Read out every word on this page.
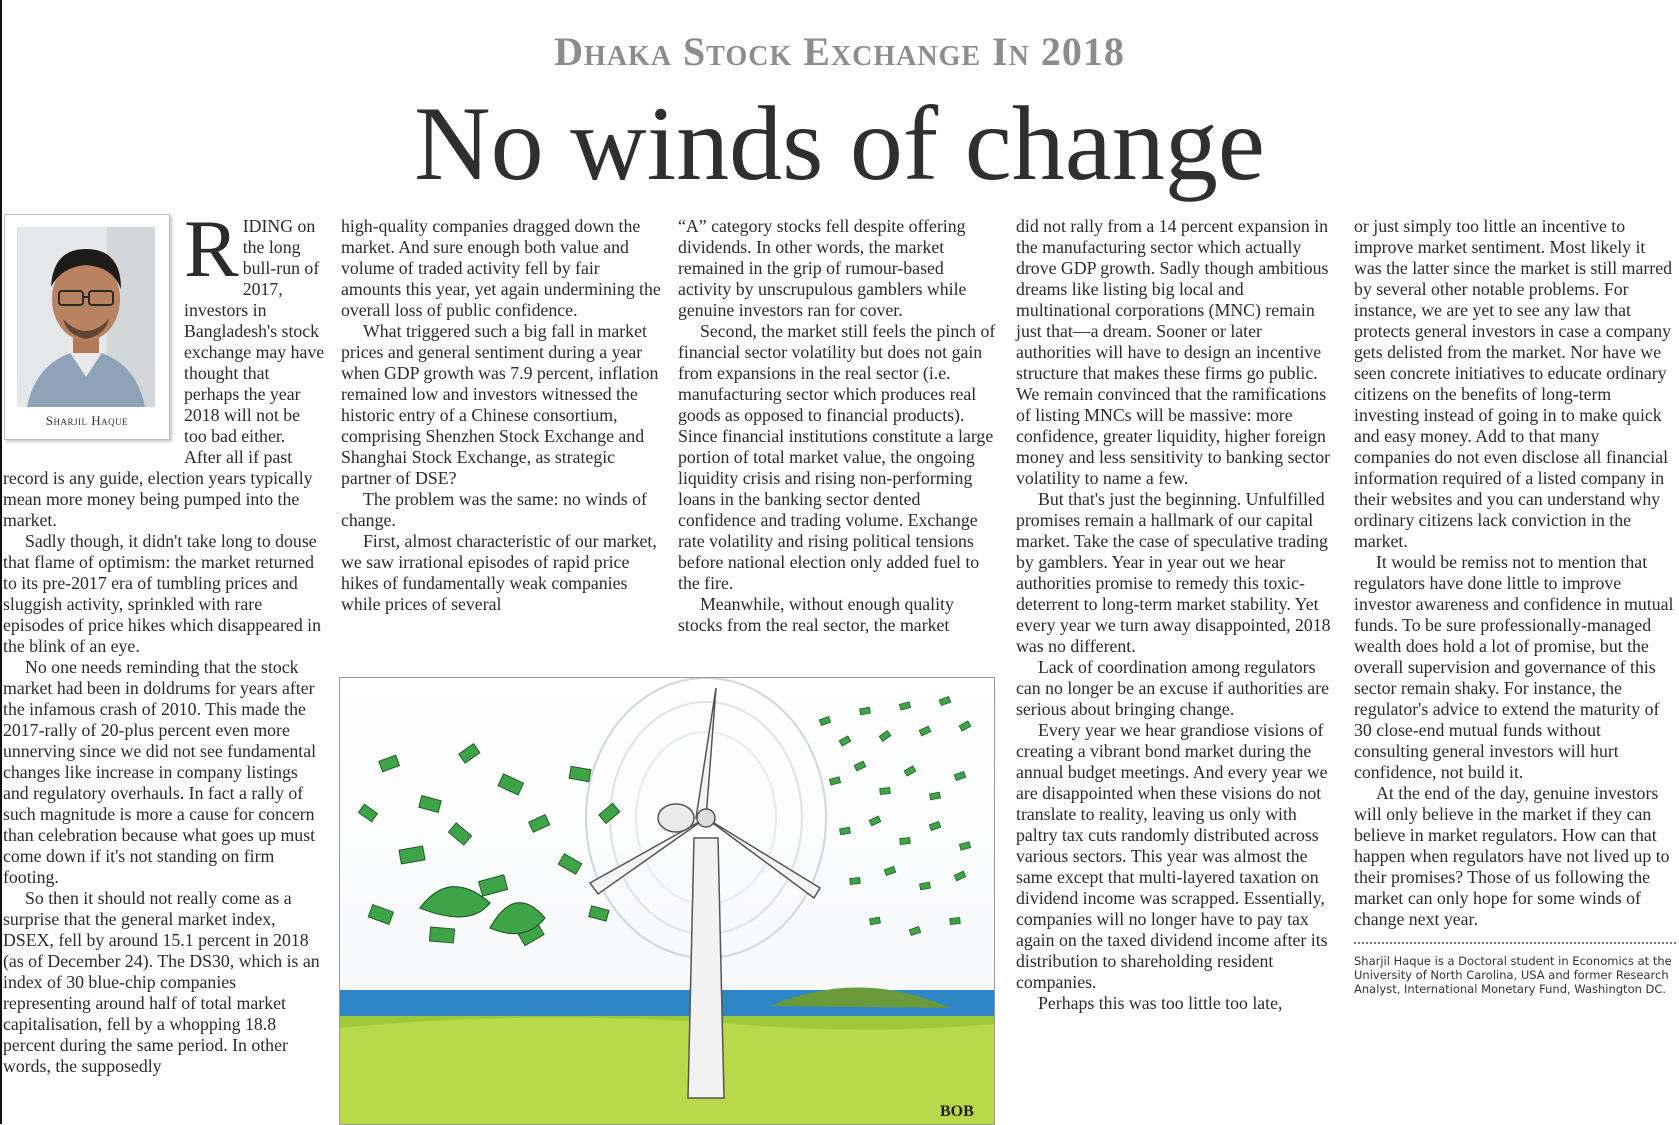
Dhaka Stock Exchange In 2018
No winds of change
Sharjil Haque
R IDING on the long bull-run of 2017, investors in Bangladesh's stock exchange may have thought that perhaps the year 2018 will not be too bad either. After all if past record is any guide, election years typically mean more money being pumped into the market.

Sadly though, it didn't take long to douse that flame of optimism: the market returned to its pre-2017 era of tumbling prices and sluggish activity, sprinkled with rare episodes of price hikes which disappeared in the blink of an eye.

No one needs reminding that the stock market had been in doldrums for years after the infamous crash of 2010. This made the 2017-rally of 20-plus percent even more unnerving since we did not see fundamental changes like increase in company listings and regulatory overhauls. In fact a rally of such magnitude is more a cause for concern than celebration because what goes up must come down if it's not standing on firm footing.

So then it should not really come as a surprise that the general market index, DSEX, fell by around 15.1 percent in 2018 (as of December 24). The DS30, which is an index of 30 blue-chip companies representing around half of total market capitalisation, fell by a whopping 18.8 percent during the same period. In other words, the supposedly

high-quality companies dragged down the market. And sure enough both value and volume of traded activity fell by fair amounts this year, yet again undermining the overall loss of public confidence.

What triggered such a big fall in market prices and general sentiment during a year when GDP growth was 7.9 percent, inflation remained low and investors witnessed the historic entry of a Chinese consortium, comprising Shenzhen Stock Exchange and Shanghai Stock Exchange, as strategic partner of DSE?

The problem was the same: no winds of change.

First, almost characteristic of our market, we saw irrational episodes of rapid price hikes of fundamentally weak companies while prices of several

“A” category stocks fell despite offering dividends. In other words, the market remained in the grip of rumour-based activity by unscrupulous gamblers while genuine investors ran for cover.

Second, the market still feels the pinch of financial sector volatility but does not gain from expansions in the real sector (i.e. manufacturing sector which produces real goods as opposed to financial products). Since financial institutions constitute a large portion of total market value, the ongoing liquidity crisis and rising non-performing loans in the banking sector dented confidence and trading volume. Exchange rate volatility and rising political tensions before national election only added fuel to the fire.

Meanwhile, without enough quality stocks from the real sector, the market

BOB

did not rally from a 14 percent expansion in the manufacturing sector which actually drove GDP growth. Sadly though ambitious dreams like listing big local and multinational corporations (MNC) remain just that—a dream. Sooner or later authorities will have to design an incentive structure that makes these firms go public. We remain convinced that the ramifications of listing MNCs will be massive: more confidence, greater liquidity, higher foreign money and less sensitivity to banking sector volatility to name a few.

But that's just the beginning. Unfulfilled promises remain a hallmark of our capital market. Take the case of speculative trading by gamblers. Year in year out we hear authorities promise to remedy this toxic-deterrent to long-term market stability. Yet every year we turn away disappointed, 2018 was no different.

Lack of coordination among regulators can no longer be an excuse if authorities are serious about bringing change.

Every year we hear grandiose visions of creating a vibrant bond market during the annual budget meetings. And every year we are disappointed when these visions do not translate to reality, leaving us only with paltry tax cuts randomly distributed across various sectors. This year was almost the same except that multi-layered taxation on dividend income was scrapped. Essentially, companies will no longer have to pay tax again on the taxed dividend income after its distribution to shareholding resident companies.

Perhaps this was too little too late,

or just simply too little an incentive to improve market sentiment. Most likely it was the latter since the market is still marred by several other notable problems. For instance, we are yet to see any law that protects general investors in case a company gets delisted from the market. Nor have we seen concrete initiatives to educate ordinary citizens on the benefits of long-term investing instead of going in to make quick and easy money. Add to that many companies do not even disclose all financial information required of a listed company in their websites and you can understand why ordinary citizens lack conviction in the market.

It would be remiss not to mention that regulators have done little to improve investor awareness and confidence in mutual funds. To be sure professionally-managed wealth does hold a lot of promise, but the overall supervision and governance of this sector remain shaky. For instance, the regulator's advice to extend the maturity of 30 close-end mutual funds without consulting general investors will hurt confidence, not build it.

At the end of the day, genuine investors will only believe in the market if they can believe in market regulators. How can that happen when regulators have not lived up to their promises? Those of us following the market can only hope for some winds of change next year.

Sharjil Haque is a Doctoral student in Economics at the University of North Carolina, USA and former Research Analyst, International Monetary Fund, Washington DC.
